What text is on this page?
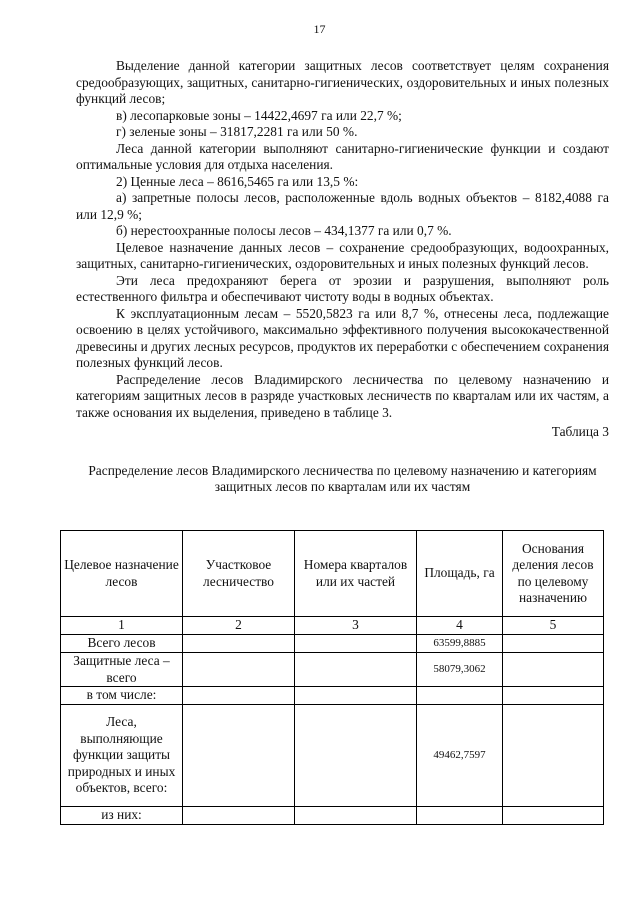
17

Выделение данной категории защитных лесов соответствует целям сохранения средообразующих, защитных, санитарно-гигиенических, оздоровительных и иных полезных функций лесов;

в) лесопарковые зоны – 14422,4697 га или 22,7 %;

г) зеленые зоны – 31817,2281 га или 50 %.

Леса данной категории выполняют санитарно-гигиенические функции и создают оптимальные условия для отдыха населения.

2) Ценные леса – 8616,5465 га или 13,5 %:

а) запретные полосы лесов, расположенные вдоль водных объектов – 8182,4088 га или 12,9 %;

б) нерестоохранные полосы лесов – 434,1377 га или 0,7 %.

Целевое назначение данных лесов – сохранение средообразующих, водоохранных, защитных, санитарно-гигиенических, оздоровительных и иных полезных функций лесов.

Эти леса предохраняют берега от эрозии и разрушения, выполняют роль естественного фильтра и обеспечивают чистоту воды в водных объектах.

К эксплуатационным лесам – 5520,5823 га или 8,7 %, отнесены леса, подлежащие освоению в целях устойчивого, максимально эффективного получения высококачественной древесины и других лесных ресурсов, продуктов их переработки с обеспечением сохранения полезных функций лесов.

Распределение лесов Владимирского лесничества по целевому назначению и категориям защитных лесов в разряде участковых лесничеств по кварталам или их частям, а также основания их выделения, приведено в таблице 3.

Таблица 3

Распределение лесов Владимирского лесничества по целевому назначению и категориям защитных лесов по кварталам или их частям

Целевое назначение лесов	Участковое лесничество	Номера кварталов или их частей	Площадь, га	Основания деления лесов по целевому назначению
1	2	3	4	5
Всего лесов			63599,8885	
Защитные леса – всего			58079,3062	
в том числе:				
Леса, выполняющие функции защиты природных и иных объектов, всего:			49462,7597	
из них:				
